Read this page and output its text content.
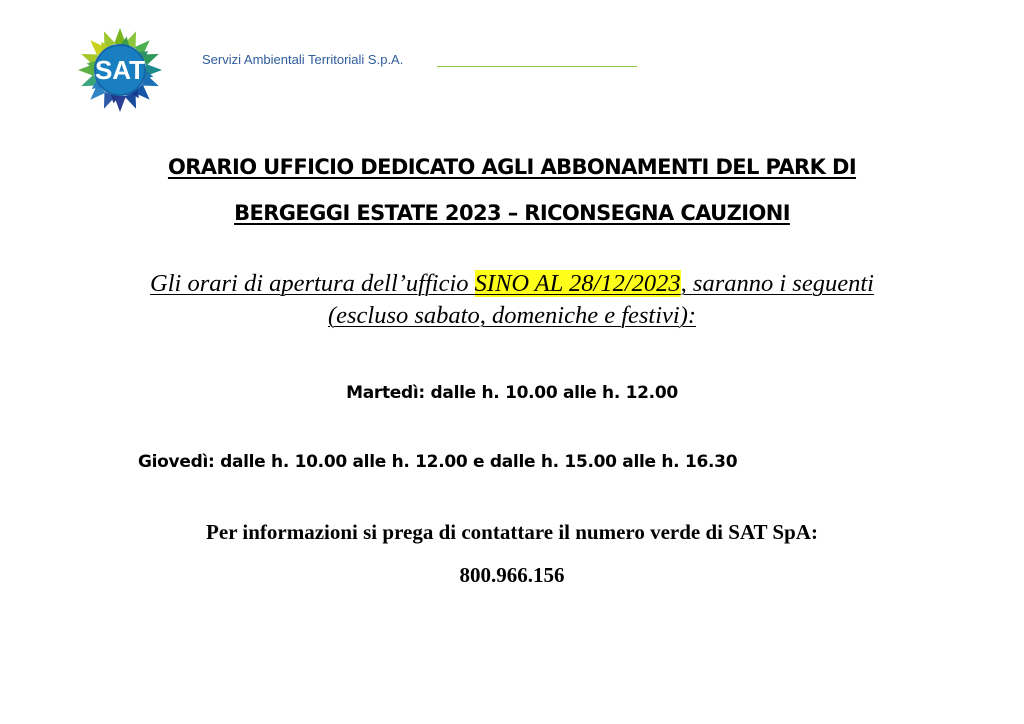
SAT	Servizi Ambientali Territoriali S.p.A.
ORARIO UFFICIO DEDICATO AGLI ABBONAMENTI DEL PARK DI
BERGEGGI ESTATE 2023 – RICONSEGNA CAUZIONI
Gli orari di apertura dell’ufficio SINO AL 28/12/2023, saranno i seguenti
(escluso sabato, domeniche e festivi):
Martedì: dalle h. 10.00 alle h. 12.00
Giovedì: dalle h. 10.00 alle h. 12.00 e dalle h. 15.00 alle h. 16.30
Per informazioni si prega di contattare il numero verde di SAT SpA:
800.966.156
